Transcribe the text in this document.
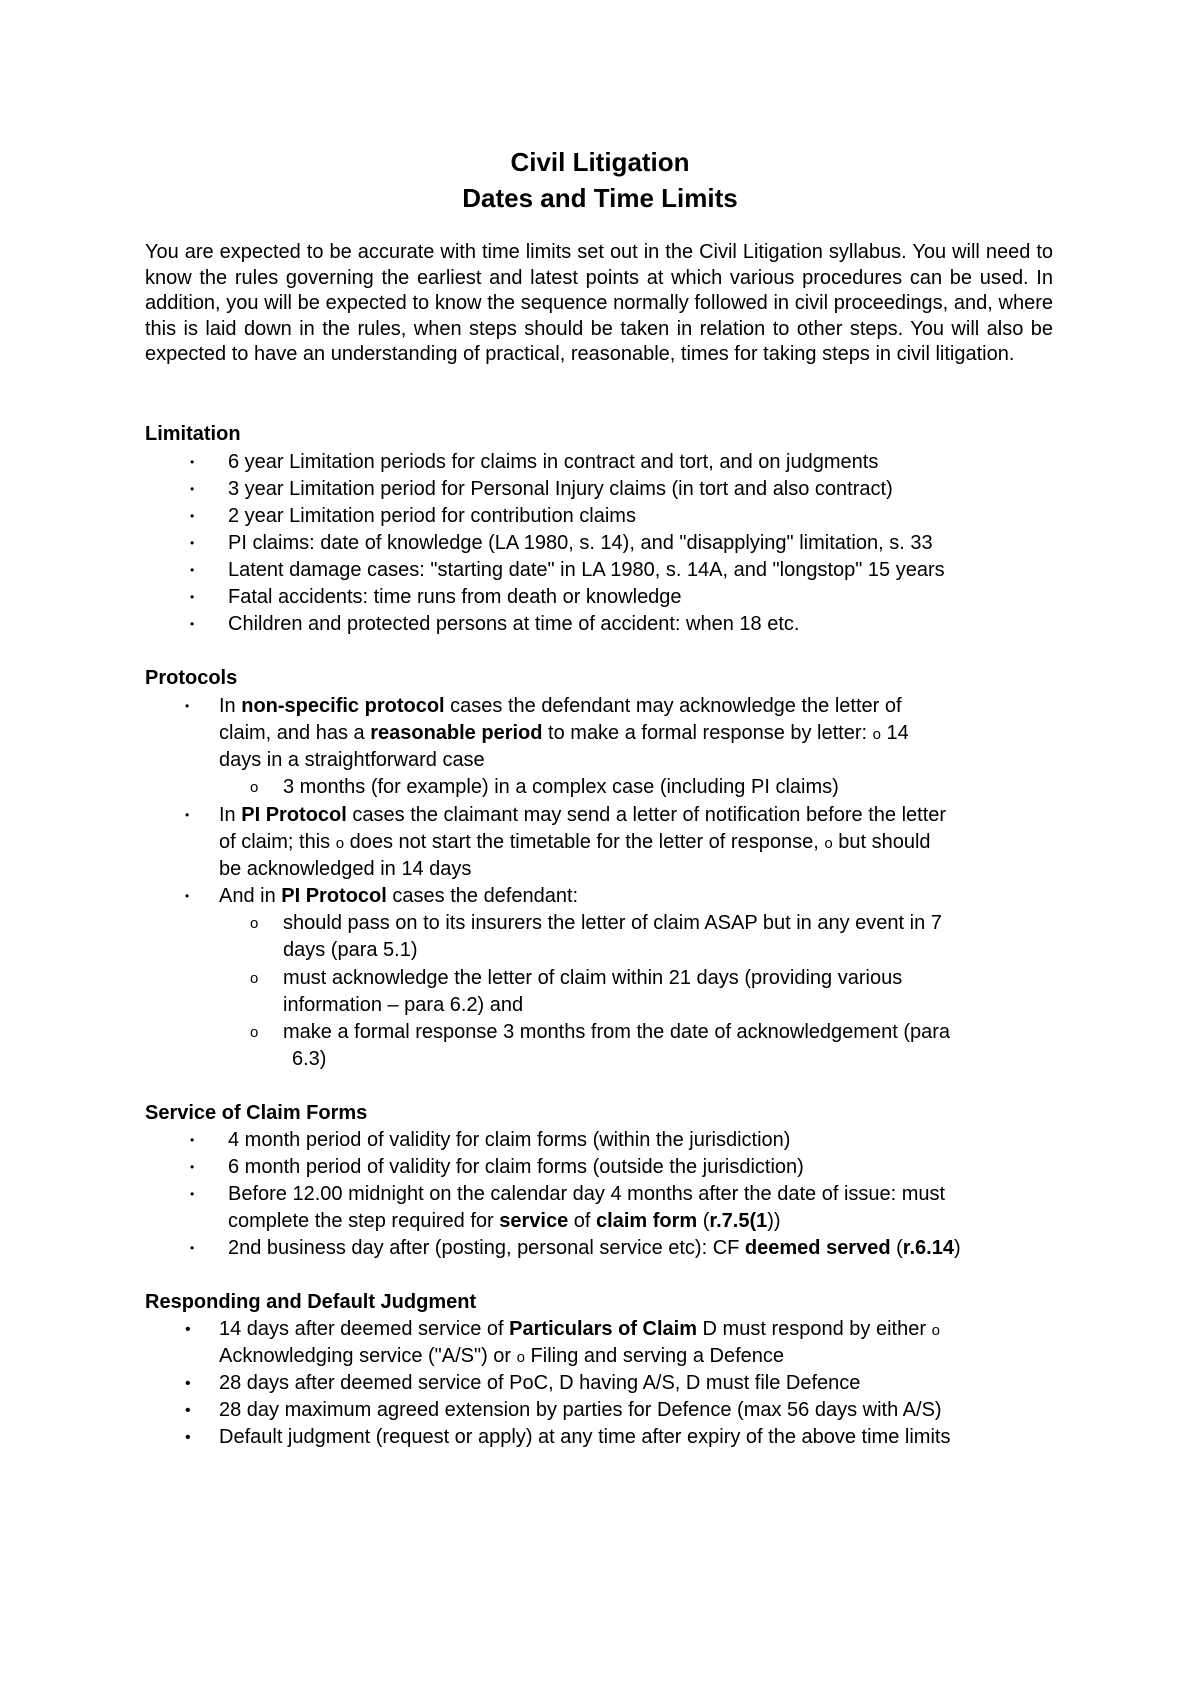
Civil Litigation
Dates and Time Limits
You are expected to be accurate with time limits set out in the Civil Litigation syllabus. You will need to know the rules governing the earliest and latest points at which various procedures can be used. In addition, you will be expected to know the sequence normally followed in civil proceedings, and, where this is laid down in the rules, when steps should be taken in relation to other steps. You will also be expected to have an understanding of practical, reasonable, times for taking steps in civil litigation.
Limitation
• 6 year Limitation periods for claims in contract and tort, and on judgments
• 3 year Limitation period for Personal Injury claims (in tort and also contract)
• 2 year Limitation period for contribution claims
• PI claims: date of knowledge (LA 1980, s. 14), and "disapplying" limitation, s. 33
• Latent damage cases: "starting date" in LA 1980, s. 14A, and "longstop" 15 years
• Fatal accidents: time runs from death or knowledge
• Children and protected persons at time of accident: when 18 etc.
Protocols
• In non-specific protocol cases the defendant may acknowledge the letter of
claim, and has a reasonable period to make a formal response by letter: o 14
days in a straightforward case
o 3 months (for example) in a complex case (including PI claims)
• In PI Protocol cases the claimant may send a letter of notification before the letter
of claim; this o does not start the timetable for the letter of response, o but should
be acknowledged in 14 days
• And in PI Protocol cases the defendant:
o should pass on to its insurers the letter of claim ASAP but in any event in 7
days (para 5.1)
o must acknowledge the letter of claim within 21 days (providing various
information – para 6.2) and
o make a formal response 3 months from the date of acknowledgement (para
6.3)
Service of Claim Forms
• 4 month period of validity for claim forms (within the jurisdiction)
• 6 month period of validity for claim forms (outside the jurisdiction)
• Before 12.00 midnight on the calendar day 4 months after the date of issue: must
complete the step required for service of claim form (r.7.5(1))
• 2nd business day after (posting, personal service etc): CF deemed served (r.6.14)
Responding and Default Judgment
• 14 days after deemed service of Particulars of Claim D must respond by either o
Acknowledging service ("A/S") or o Filing and serving a Defence
• 28 days after deemed service of PoC, D having A/S, D must file Defence
• 28 day maximum agreed extension by parties for Defence (max 56 days with A/S)
• Default judgment (request or apply) at any time after expiry of the above time limits
